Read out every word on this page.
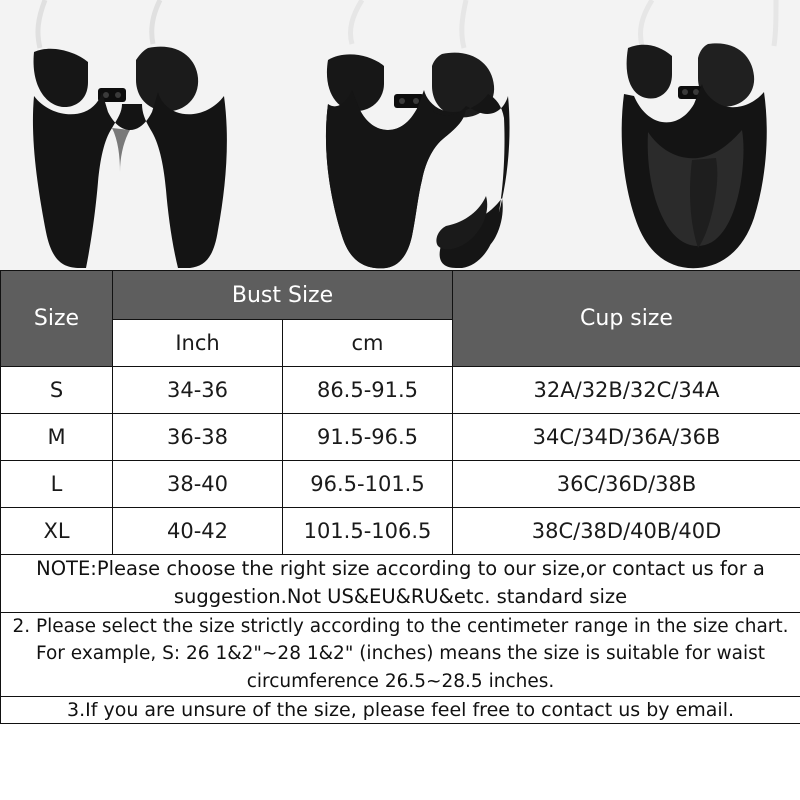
Size	Bust Size		Cup size
	Inch	cm	
S	34-36	86.5-91.5	32A/32B/32C/34A
M	36-38	91.5-96.5	34C/34D/36A/36B
L	38-40	96.5-101.5	36C/36D/38B
XL	40-42	101.5-106.5	38C/38D/40B/40D
NOTE:Please choose the right size according to our size,or contact us for a suggestion.Not US&EU&RU&etc. standard size			
2. Please select the size strictly according to the centimeter range in the size chart. For example, S: 26 1&2"~28 1&2" (inches) means the size is suitable for waist circumference 26.5~28.5 inches.			
3.If you are unsure of the size, please feel free to contact us by email.			
